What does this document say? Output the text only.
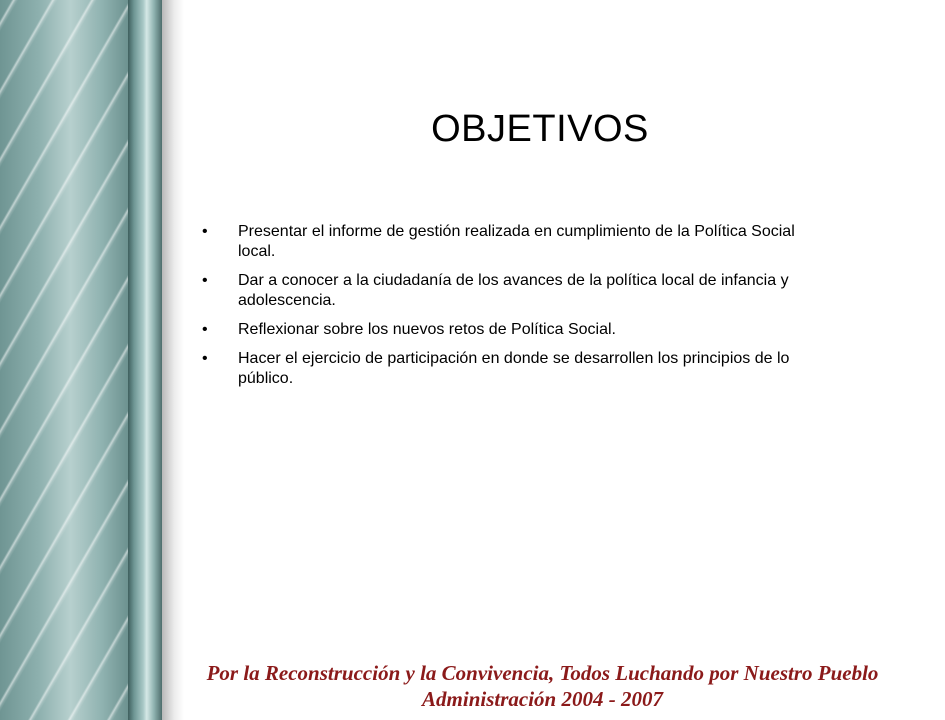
OBJETIVOS
• Presentar el informe de gestión realizada en cumplimiento de la Política Social local.
• Dar a conocer a la ciudadanía de los avances de la política local de infancia y adolescencia.
• Reflexionar sobre los nuevos retos de Política Social.
• Hacer el ejercicio de participación en donde se desarrollen los principios de lo público.
Por la Reconstrucción y la Convivencia, Todos Luchando por Nuestro Pueblo
Administración 2004 - 2007
